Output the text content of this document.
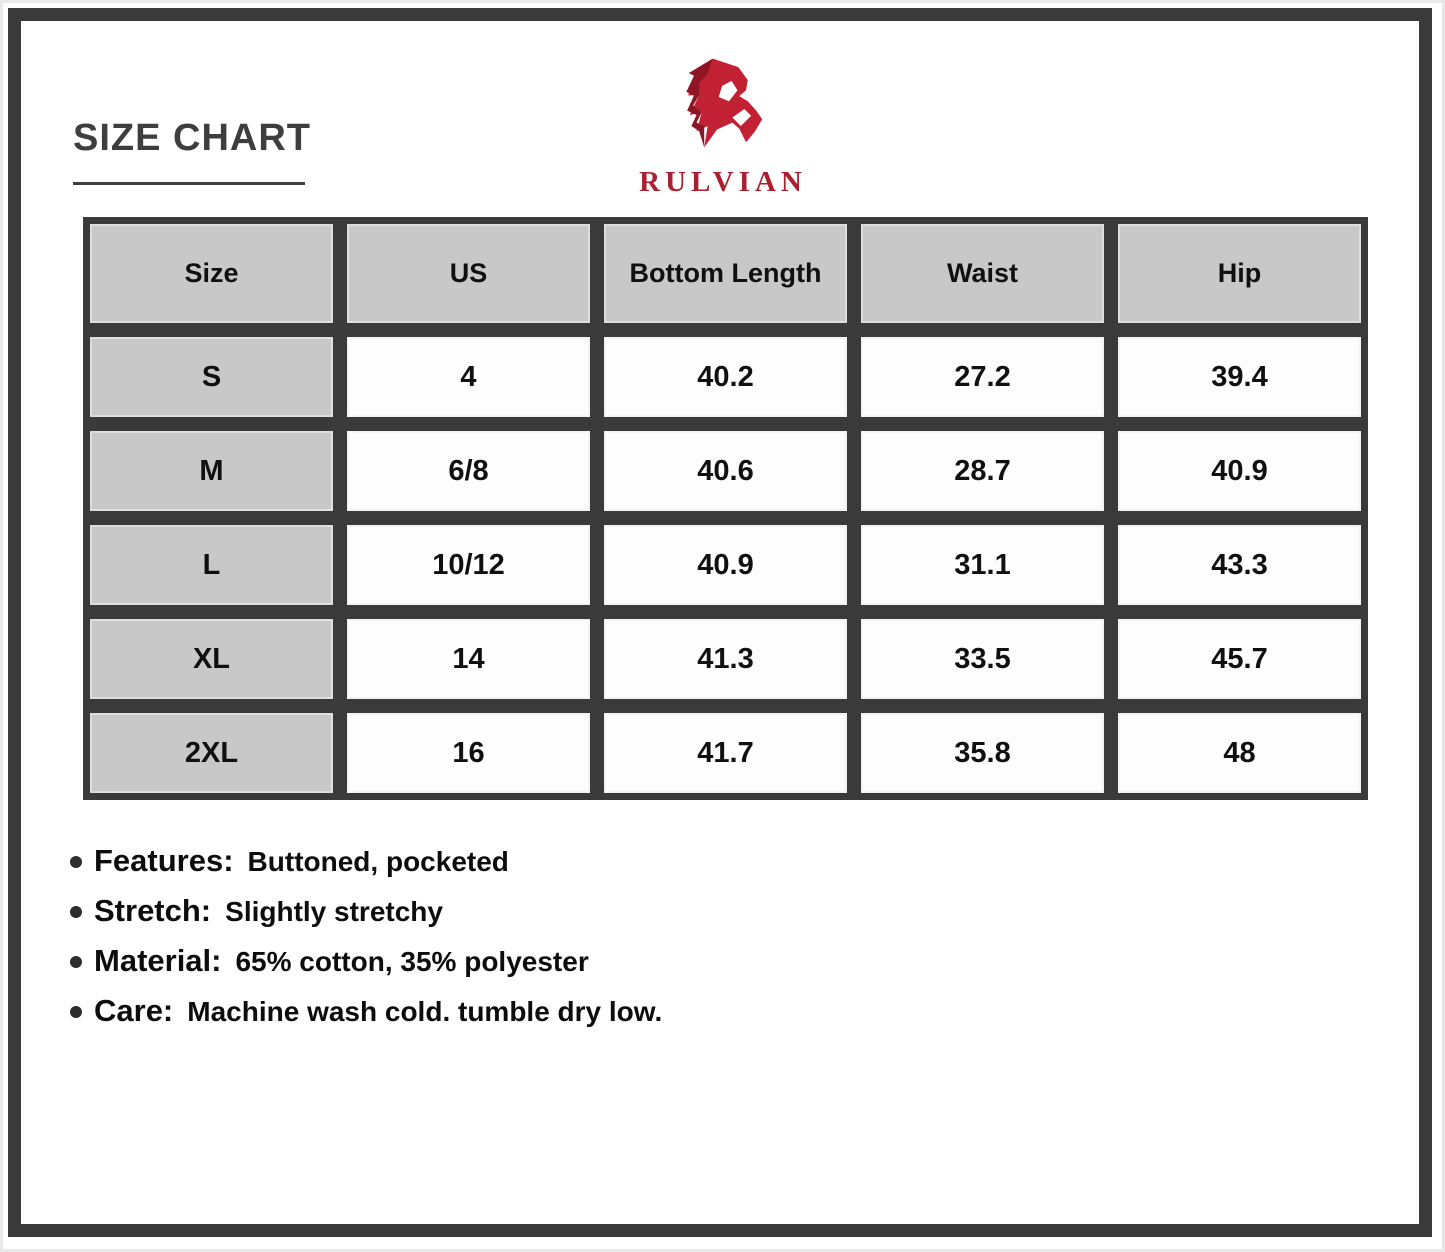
SIZE CHART
RULVIAN
Size	US	Bottom Length	Waist	Hip
S	4	40.2	27.2	39.4
M	6/8	40.6	28.7	40.9
L	10/12	40.9	31.1	43.3
XL	14	41.3	33.5	45.7
2XL	16	41.7	35.8	48
Features: Buttoned, pocketed
Stretch: Slightly stretchy
Material: 65% cotton, 35% polyester
Care: Machine wash cold. tumble dry low.
